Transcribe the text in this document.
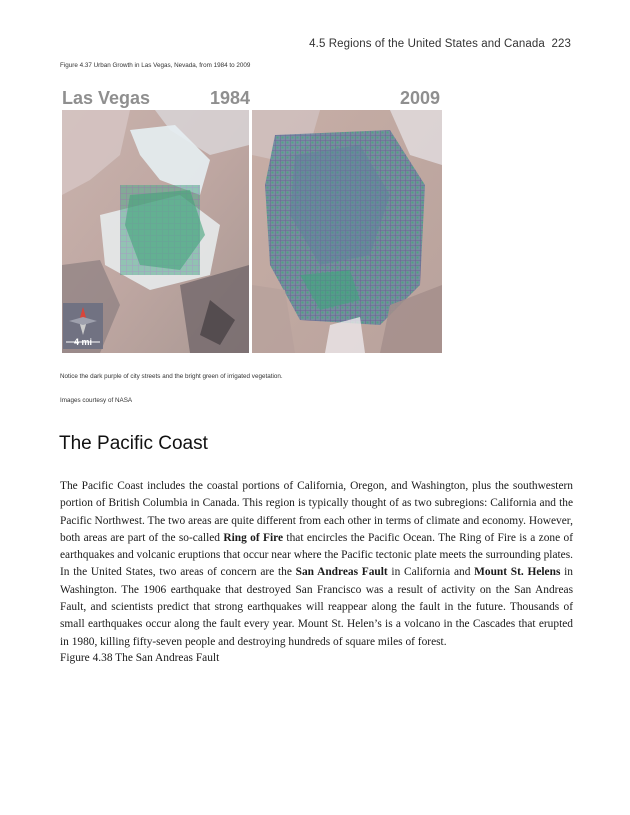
4.5 Regions of the United States and Canada 223
Figure 4.37 Urban Growth in Las Vegas, Nevada, from 1984 to 2009
Las Vegas	1984	2009
4 mi
Notice the dark purple of city streets and the bright green of irrigated vegetation.
Images courtesy of NASA
The Pacific Coast

The Pacific Coast includes the coastal portions of California, Oregon, and Washington, plus the southwestern portion of British Columbia in Canada. This region is typically thought of as two subregions: California and the Pacific Northwest. The two areas are quite different from each other in terms of climate and economy. However, both areas are part of the so-called Ring of Fire that encircles the Pacific Ocean. The Ring of Fire is a zone of earthquakes and volcanic eruptions that occur near where the Pacific tectonic plate meets the surrounding plates. In the United States, two areas of concern are the San Andreas Fault in California and Mount St. Helens in Washington. The 1906 earthquake that destroyed San Francisco was a result of activity on the San Andreas Fault, and scientists predict that strong earthquakes will reappear along the fault in the future. Thousands of small earthquakes occur along the fault every year. Mount St. Helen’s is a volcano in the Cascades that erupted in 1980, killing fifty-seven people and destroying hundreds of square miles of forest.

Figure 4.38 The San Andreas Fault
